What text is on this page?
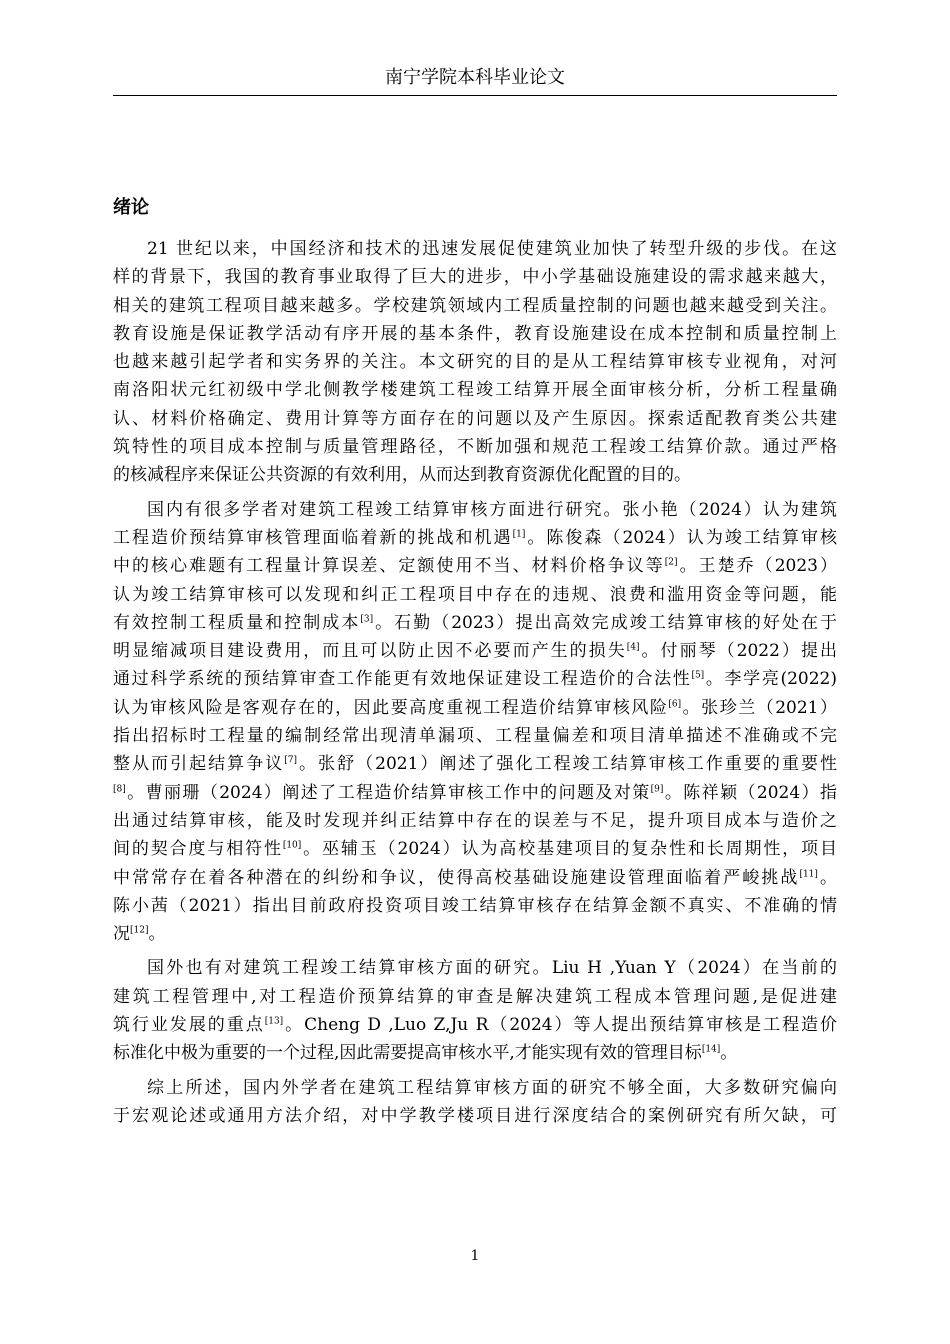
南宁学院本科毕业论文
绪论
21 世纪以来，中国经济和技术的迅速发展促使建筑业加快了转型升级的步伐。在这
样的背景下，我国的教育事业取得了巨大的进步，中小学基础设施建设的需求越来越大，
相关的建筑工程项目越来越多。学校建筑领域内工程质量控制的问题也越来越受到关注。
教育设施是保证教学活动有序开展的基本条件，教育设施建设在成本控制和质量控制上
也越来越引起学者和实务界的关注。本文研究的目的是从工程结算审核专业视角，对河
南洛阳状元红初级中学北侧教学楼建筑工程竣工结算开展全面审核分析，分析工程量确
认、材料价格确定、费用计算等方面存在的问题以及产生原因。探索适配教育类公共建
筑特性的项目成本控制与质量管理路径，不断加强和规范工程竣工结算价款。通过严格
的核减程序来保证公共资源的有效利用，从而达到教育资源优化配置的目的。
国内有很多学者对建筑工程竣工结算审核方面进行研究。张小艳（2024）认为建筑
工程造价预结算审核管理面临着新的挑战和机遇[1]。陈俊森（2024）认为竣工结算审核
中的核心难题有工程量计算误差、定额使用不当、材料价格争议等[2]。王楚乔（2023）
认为竣工结算审核可以发现和纠正工程项目中存在的违规、浪费和滥用资金等问题，能
有效控制工程质量和控制成本[3]。石勤（2023）提出高效完成竣工结算审核的好处在于
明显缩减项目建设费用，而且可以防止因不必要而产生的损失[4]。付丽琴（2022）提出
通过科学系统的预结算审查工作能更有效地保证建设工程造价的合法性[5]。李学亮(2022)
认为审核风险是客观存在的，因此要高度重视工程造价结算审核风险[6]。张珍兰（2021）
指出招标时工程量的编制经常出现清单漏项、工程量偏差和项目清单描述不准确或不完
整从而引起结算争议[7]。张舒（2021）阐述了强化工程竣工结算审核工作重要的重要性
[8]。曹丽珊（2024）阐述了工程造价结算审核工作中的问题及对策[9]。陈祥颖（2024）指
出通过结算审核，能及时发现并纠正结算中存在的误差与不足，提升项目成本与造价之
间的契合度与相符性[10]。巫辅玉（2024）认为高校基建项目的复杂性和长周期性，项目
中常常存在着各种潜在的纠纷和争议，使得高校基础设施建设管理面临着严峻挑战[11]。
陈小茜（2021）指出目前政府投资项目竣工结算审核存在结算金额不真实、不准确的情
况[12]。
国外也有对建筑工程竣工结算审核方面的研究。Liu H ,Yuan Y（2024）在当前的
建筑工程管理中,对工程造价预算结算的审查是解决建筑工程成本管理问题,是促进建
筑行业发展的重点[13]。Cheng D ,Luo Z,Ju R（2024）等人提出预结算审核是工程造价
标准化中极为重要的一个过程,因此需要提高审核水平,才能实现有效的管理目标[14]。
综上所述，国内外学者在建筑工程结算审核方面的研究不够全面，大多数研究偏向
于宏观论述或通用方法介绍，对中学教学楼项目进行深度结合的案例研究有所欠缺，可
1
